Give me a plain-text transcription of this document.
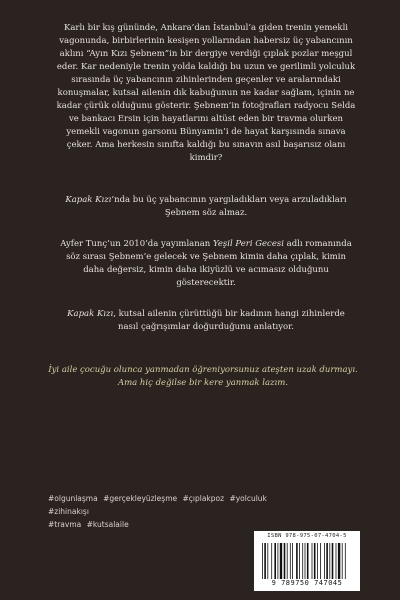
Karlı bir kış gününde, Ankara’dan İstanbul’a giden trenin yemekli vagonunda, birbirlerinin kesişen yollarından habersiz üç yabancının aklını “Ayın Kızı Şebnem”in bir dergiye verdiği çıplak pozlar meşgul eder. Kar nedeniyle trenin yolda kaldığı bu uzun ve gerilimli yolculuk sırasında üç yabancının zihinlerinden geçenler ve aralarındaki konuşmalar, kutsal ailenin dık kabuğunun ne kadar sağlam, içinin ne kadar çürük olduğunu gösterir. Şebnem’in fotoğrafları radyocu Selda ve bankacı Ersin için hayatlarını altüst eden bir travma olurken yemekli vagonun garsonu Bünyamin’i de hayat karşısında sınava çeker. Ama herkesin sınıfta kaldığı bu sınavın asıl başarısız olanı kimdir?

Kapak Kızı’nda bu üç yabancının yargıladıkları veya arzuladıkları Şebnem söz almaz.

Ayfer Tunç’un 2010’da yayımlanan Yeşil Peri Gecesi adlı romanında söz sırası Şebnem’e gelecek ve Şebnem kimin daha çıplak, kimin daha değersiz, kimin daha ikiyüzlü ve acımasız olduğunu gösterecektir.

Kapak Kızı, kutsal ailenin çürüttüğü bir kadının hangi zihinlerde nasıl çağrışımlar doğurduğunu anlatıyor.

İyi aile çocuğu olunca yanmadan öğreniyorsunuz ateşten uzak durmayı. Ama hiç değilse bir kere yanmak lazım.

#olgunlaşma #gerçekleyüzleşme #çıplakpoz #yolculuk #zihinakışı
#travma #kutsalaile
ISBN 978-975-07-4704-5
9 789750 747045
